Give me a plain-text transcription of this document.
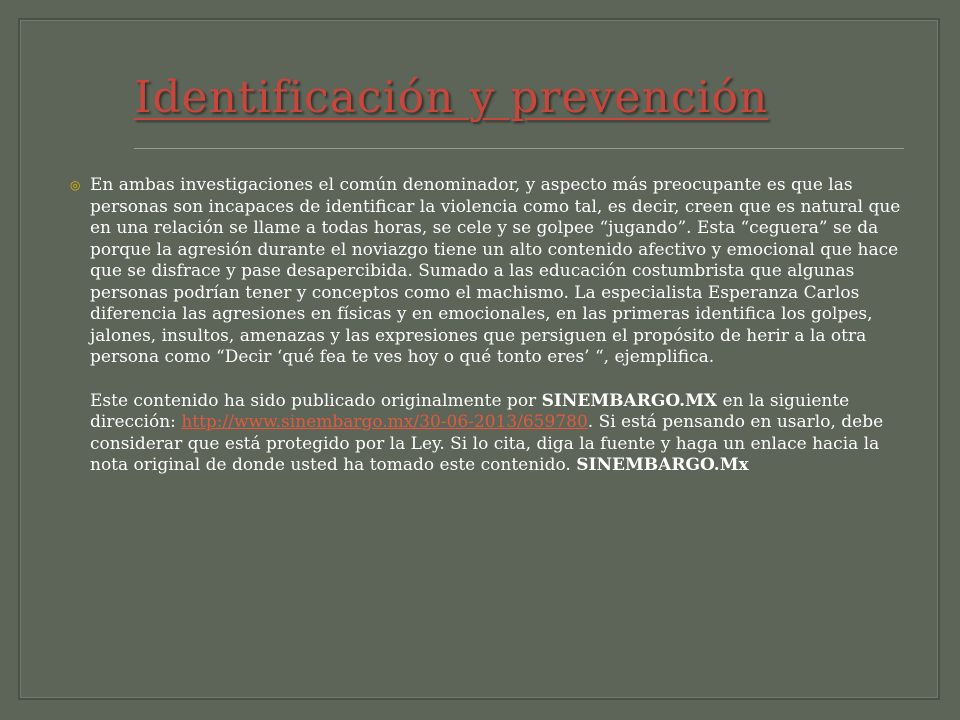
Identificación y prevención
◎ En ambas investigaciones el común denominador, y aspecto más preocupante es que las personas son incapaces de identificar la violencia como tal, es decir, creen que es natural que en una relación se llame a todas horas, se cele y se golpee “jugando”. Esta “ceguera” se da porque la agresión durante el noviazgo tiene un alto contenido afectivo y emocional que hace que se disfrace y pase desapercibida. Sumado a las educación costumbrista que algunas personas podrían tener y conceptos como el machismo. La especialista Esperanza Carlos diferencia las agresiones en físicas y en emocionales, en las primeras identifica los golpes, jalones, insultos, amenazas y las expresiones que persiguen el propósito de herir a la otra persona como “Decir ‘qué fea te ves hoy o qué tonto eres’ “, ejemplifica.

Este contenido ha sido publicado originalmente por SINEMBARGO.MX en la siguiente dirección: http://www.sinembargo.mx/30-06-2013/659780. Si está pensando en usarlo, debe considerar que está protegido por la Ley. Si lo cita, diga la fuente y haga un enlace hacia la nota original de donde usted ha tomado este contenido. SINEMBARGO.Mx
